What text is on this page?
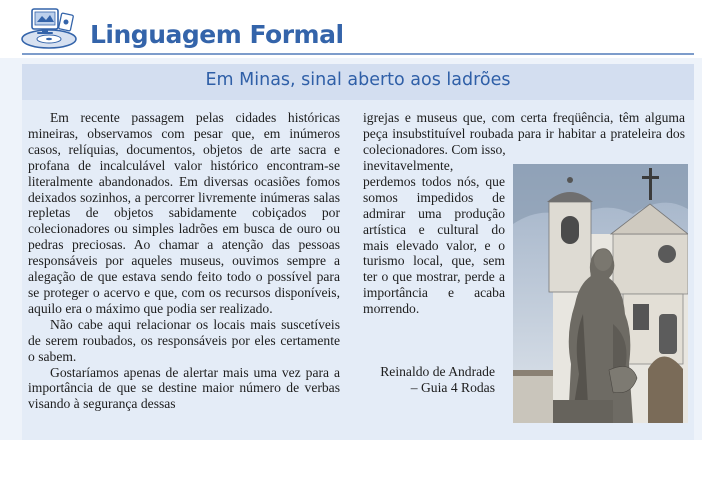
Linguagem Formal
Em Minas, sinal aberto aos ladrões

Em recente passagem pelas cidades históricas mineiras, observamos com pesar que, em inúmeros casos, relíquias, documentos, objetos de arte sacra e profana de incalculável valor histórico encontram-se literalmente abandonados. Em diversas ocasiões fomos deixados sozinhos, a percorrer livremente inúmeras salas repletas de objetos sabidamente cobiçados por colecionadores ou simples ladrões em busca de ouro ou pedras preciosas. Ao chamar a atenção das pessoas responsáveis por aqueles museus, ouvimos sempre a alegação de que estava sendo feito todo o possível para se proteger o acervo e que, com os recursos disponíveis, aquilo era o máximo que podia ser realizado.

Não cabe aqui relacionar os locais mais suscetíveis de serem roubados, os responsáveis por eles certamente o sabem.

Gostaríamos apenas de alertar mais uma vez para a importância de que se destine maior número de verbas visando à segurança dessas

igrejas e museus que, com certa freqüência, têm alguma peça insubstituível roubada para ir habitar a prateleira dos colecionadores. Com isso,

inevitavelmente, perdemos todos nós, que somos impedidos de admirar uma produção artística e cultural do mais elevado valor, e o turismo local, que, sem ter o que mostrar, perde a importância e acaba morrendo.

Reinaldo de Andrade
– Guia 4 Rodas
